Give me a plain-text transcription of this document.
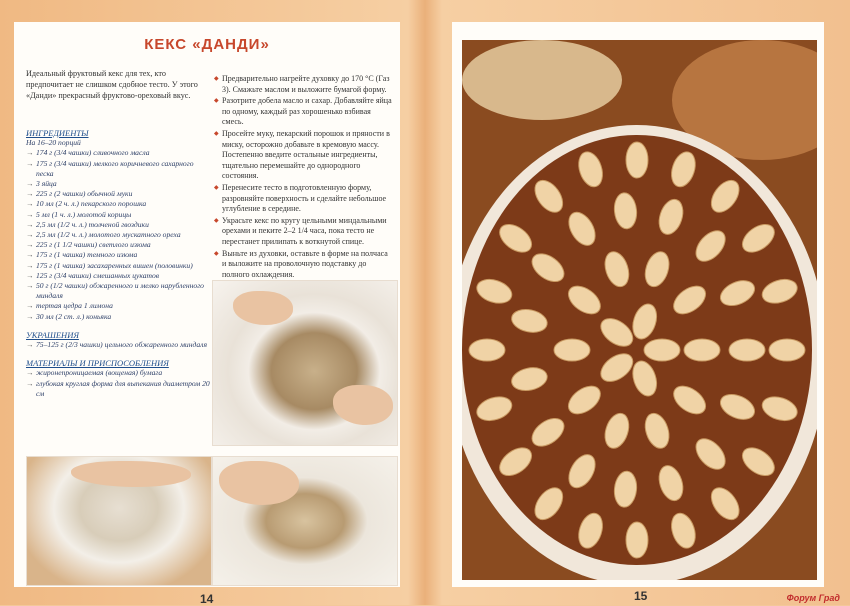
КЕКС «ДАНДИ»
Идеальный фруктовый кекс для тех, кто предпочитает не слишком сдобное тесто. У этого «Данди» прекрасный фруктово-ореховый вкус.
ИНГРЕДИЕНТЫ
На 16–20 порций
→ 174 г (3/4 чашки) сливочного масла
→ 175 г (3/4 чашки) мелкого коричневого сахарного песка
→ 3 яйца
→ 225 г (2 чашки) обычной муки
→ 10 мл (2 ч. л.) пекарского порошка
→ 5 мл (1 ч. л.) молотой корицы
→ 2,5 мл (1/2 ч. л.) толченой гвоздики
→ 2,5 мл (1/2 ч. л.) молотого мускатного ореха
→ 225 г (1 1/2 чашки) светлого изюма
→ 175 г (1 чашка) темного изюма
→ 175 г (1 чашка) засахаренных вишен (половинки)
→ 125 г (3/4 чашки) смешанных цукатов
→ 50 г (1/2 чашки) обжаренного и мелко нарубленного миндаля
→ тертая цедра 1 лимона
→ 30 мл (2 ст. л.) коньяка
УКРАШЕНИЯ
→ 75–125 г (2/3 чашки) цельного обжаренного миндаля
МАТЕРИАЛЫ И ПРИСПОСОБЛЕНИЯ
→ жиронепроницаемая (вощеная) бумага
→ глубокая круглая форма для выпекания диаметром 20 см
◆ Предварительно нагрейте духовку до 170 °С (Газ 3). Смажьте маслом и выложите бумагой форму.
◆ Разотрите добела масло и сахар. Добавляйте яйца по одному, каждый раз хорошенько взбивая смесь.
◆ Просейте муку, пекарский порошок и пряности в миску, осторожно добавьте в кремовую массу. Постепенно введите остальные ингредиенты, тщательно перемешайте до однородного состояния.
◆ Перенесите тесто в подготовленную форму, разровняйте поверхность и сделайте небольшое углубление в середине.
◆ Украсьте кекс по кругу цельными миндальными орехами и пеките 2–2 1/4 часа, пока тесто не перестанет прилипать к воткнутой спице.
◆ Выньте из духовки, оставьте в форме на полчаса и выложите на проволочную подставку до полного охлаждения.
14	15	Форум Град
